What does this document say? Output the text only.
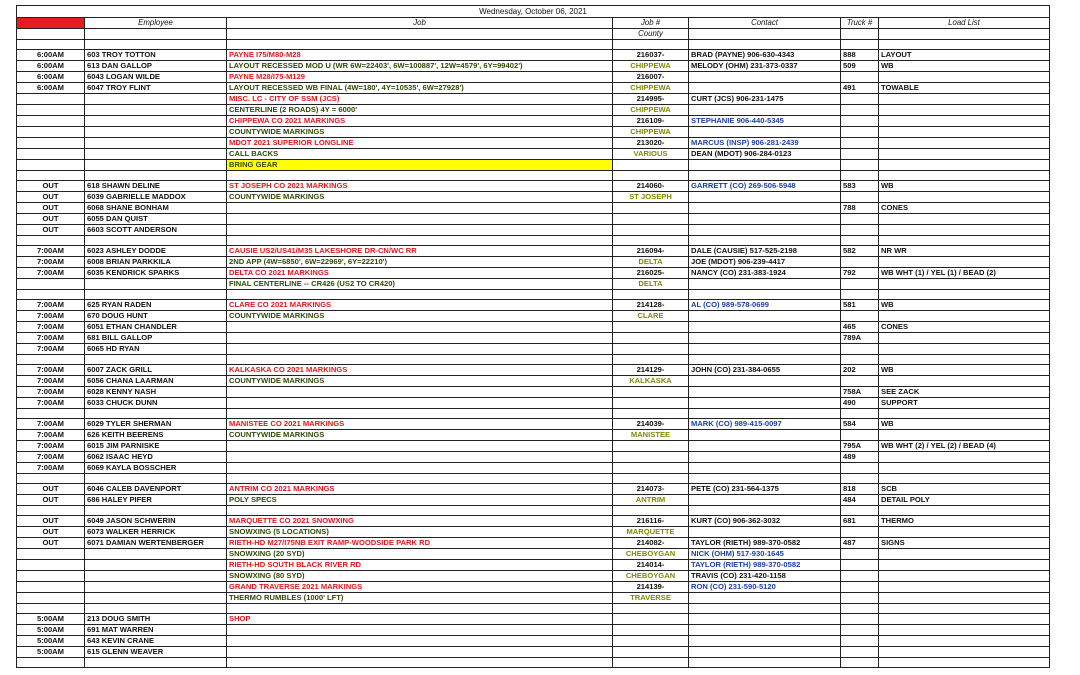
Wednesday, October 06, 2021						
Time	Employee	Job	Job #	Contact	Truck #	Load List
			County			

6:00AM	603 TROY TOTTON	PAYNE I75/M80-M28	216037-	BRAD (PAYNE) 906-630-4343	888	LAYOUT
6:00AM	613 DAN GALLOP	LAYOUT RECESSED MOD U (WR 6W=22403', 6W=100887', 12W=4579', 6Y=99402')	CHIPPEWA	MELODY (OHM) 231-373-0337	509	WB
6:00AM	6043 LOGAN WILDE	PAYNE M28/I75-M129	216007-			
6:00AM	6047 TROY FLINT	LAYOUT RECESSED WB FINAL (4W=180', 4Y=10535', 6W=27928')	CHIPPEWA		491	TOWABLE
		MISC. LC - CITY OF SSM (JCS)	214995-	CURT (JCS) 906-231-1475		
		CENTERLINE (2 ROADS) 4Y = 6000'	CHIPPEWA			
		CHIPPEWA CO 2021 MARKINGS	216109-	STEPHANIE 906-440-5345		
		COUNTYWIDE MARKINGS	CHIPPEWA			
		MDOT 2021 SUPERIOR LONGLINE	213020-	MARCUS (INSP) 906-281-2439		
		CALL BACKS	VARIOUS	DEAN (MDOT) 906-284-0123		
		BRING GEAR				

OUT	618 SHAWN DELINE	ST JOSEPH CO 2021 MARKINGS	214060-	GARRETT (CO) 269-506-5948	583	WB
OUT	6039 GABRIELLE MADDOX	COUNTYWIDE MARKINGS	ST JOSEPH			
OUT	6068 SHANE BONHAM				788	CONES
OUT	6055 DAN QUIST					
OUT	6603 SCOTT ANDERSON					

7:00AM	6023 ASHLEY DODDE	CAUSIE US2/US41/M35 LAKESHORE DR-CN/WC RR	216094-	DALE (CAUSIE) 517-525-2198	582	NR WR
7:00AM	6008 BRIAN PARKKILA	2ND APP (4W=6850', 6W=22969', 6Y=22210')	DELTA	JOE (MDOT) 906-239-4417		
7:00AM	6035 KENDRICK SPARKS	DELTA CO 2021 MARKINGS	216025-	NANCY (CO) 231-383-1924	792	WB WHT (1) / YEL (1) / BEAD (2)
		FINAL CENTERLINE -- CR426 (US2 TO CR420)	DELTA			

7:00AM	625 RYAN RADEN	CLARE CO 2021 MARKINGS	214128-	AL (CO) 989-578-0699	581	WB
7:00AM	670 DOUG HUNT	COUNTYWIDE MARKINGS	CLARE			
7:00AM	6051 ETHAN CHANDLER				465	CONES
7:00AM	681 BILL GALLOP				789A	
7:00AM	6065 HD RYAN					

7:00AM	6007 ZACK GRILL	KALKASKA CO 2021 MARKINGS	214129-	JOHN (CO) 231-384-0655	202	WB
7:00AM	6056 CHANA LAARMAN	COUNTYWIDE MARKINGS	KALKASKA			
7:00AM	6028 KENNY NASH				758A	SEE ZACK
7:00AM	6033 CHUCK DUNN				490	SUPPORT

7:00AM	6029 TYLER SHERMAN	MANISTEE CO 2021 MARKINGS	214039-	MARK (CO) 989-415-0097	584	WB
7:00AM	626 KEITH BEERENS	COUNTYWIDE MARKINGS	MANISTEE			
7:00AM	6015 JIM PARNISKE				795A	WB WHT (2) / YEL (2) / BEAD (4)
7:00AM	6062 ISAAC HEYD				489	
7:00AM	6069 KAYLA BOSSCHER					

OUT	6046 CALEB DAVENPORT	ANTRIM CO 2021 MARKINGS	214073-	PETE (CO) 231-564-1375	818	SCB
OUT	686 HALEY PIFER	POLY SPECS	ANTRIM		484	DETAIL POLY

OUT	6049 JASON SCHWERIN	MARQUETTE CO 2021 SNOWXING	216116-	KURT (CO) 906-362-3032	681	THERMO
OUT	6073 WALKER HERRICK	SNOWXING (5 LOCATIONS)	MARQUETTE			
OUT	6071 DAMIAN WERTENBERGER	RIETH-HD M27/I75NB EXIT RAMP-WOODSIDE PARK RD	214082-	TAYLOR (RIETH) 989-370-0582	487	SIGNS
		SNOWXING (20 SYD)	CHEBOYGAN	NICK (OHM) 517-930-1645		
		RIETH-HD SOUTH BLACK RIVER RD	214014-	TAYLOR (RIETH) 989-370-0582		
		SNOWXING (80 SYD)	CHEBOYGAN	TRAVIS (CO) 231-420-1158		
		GRAND TRAVERSE 2021 MARKINGS	214139-	RON (CO) 231-590-5120		
		THERMO RUMBLES (1000' LFT)	TRAVERSE			

5:00AM	213 DOUG SMITH	SHOP				
5:00AM	691 MAT WARREN					
5:00AM	643 KEVIN CRANE					
5:00AM	615 GLENN WEAVER					
